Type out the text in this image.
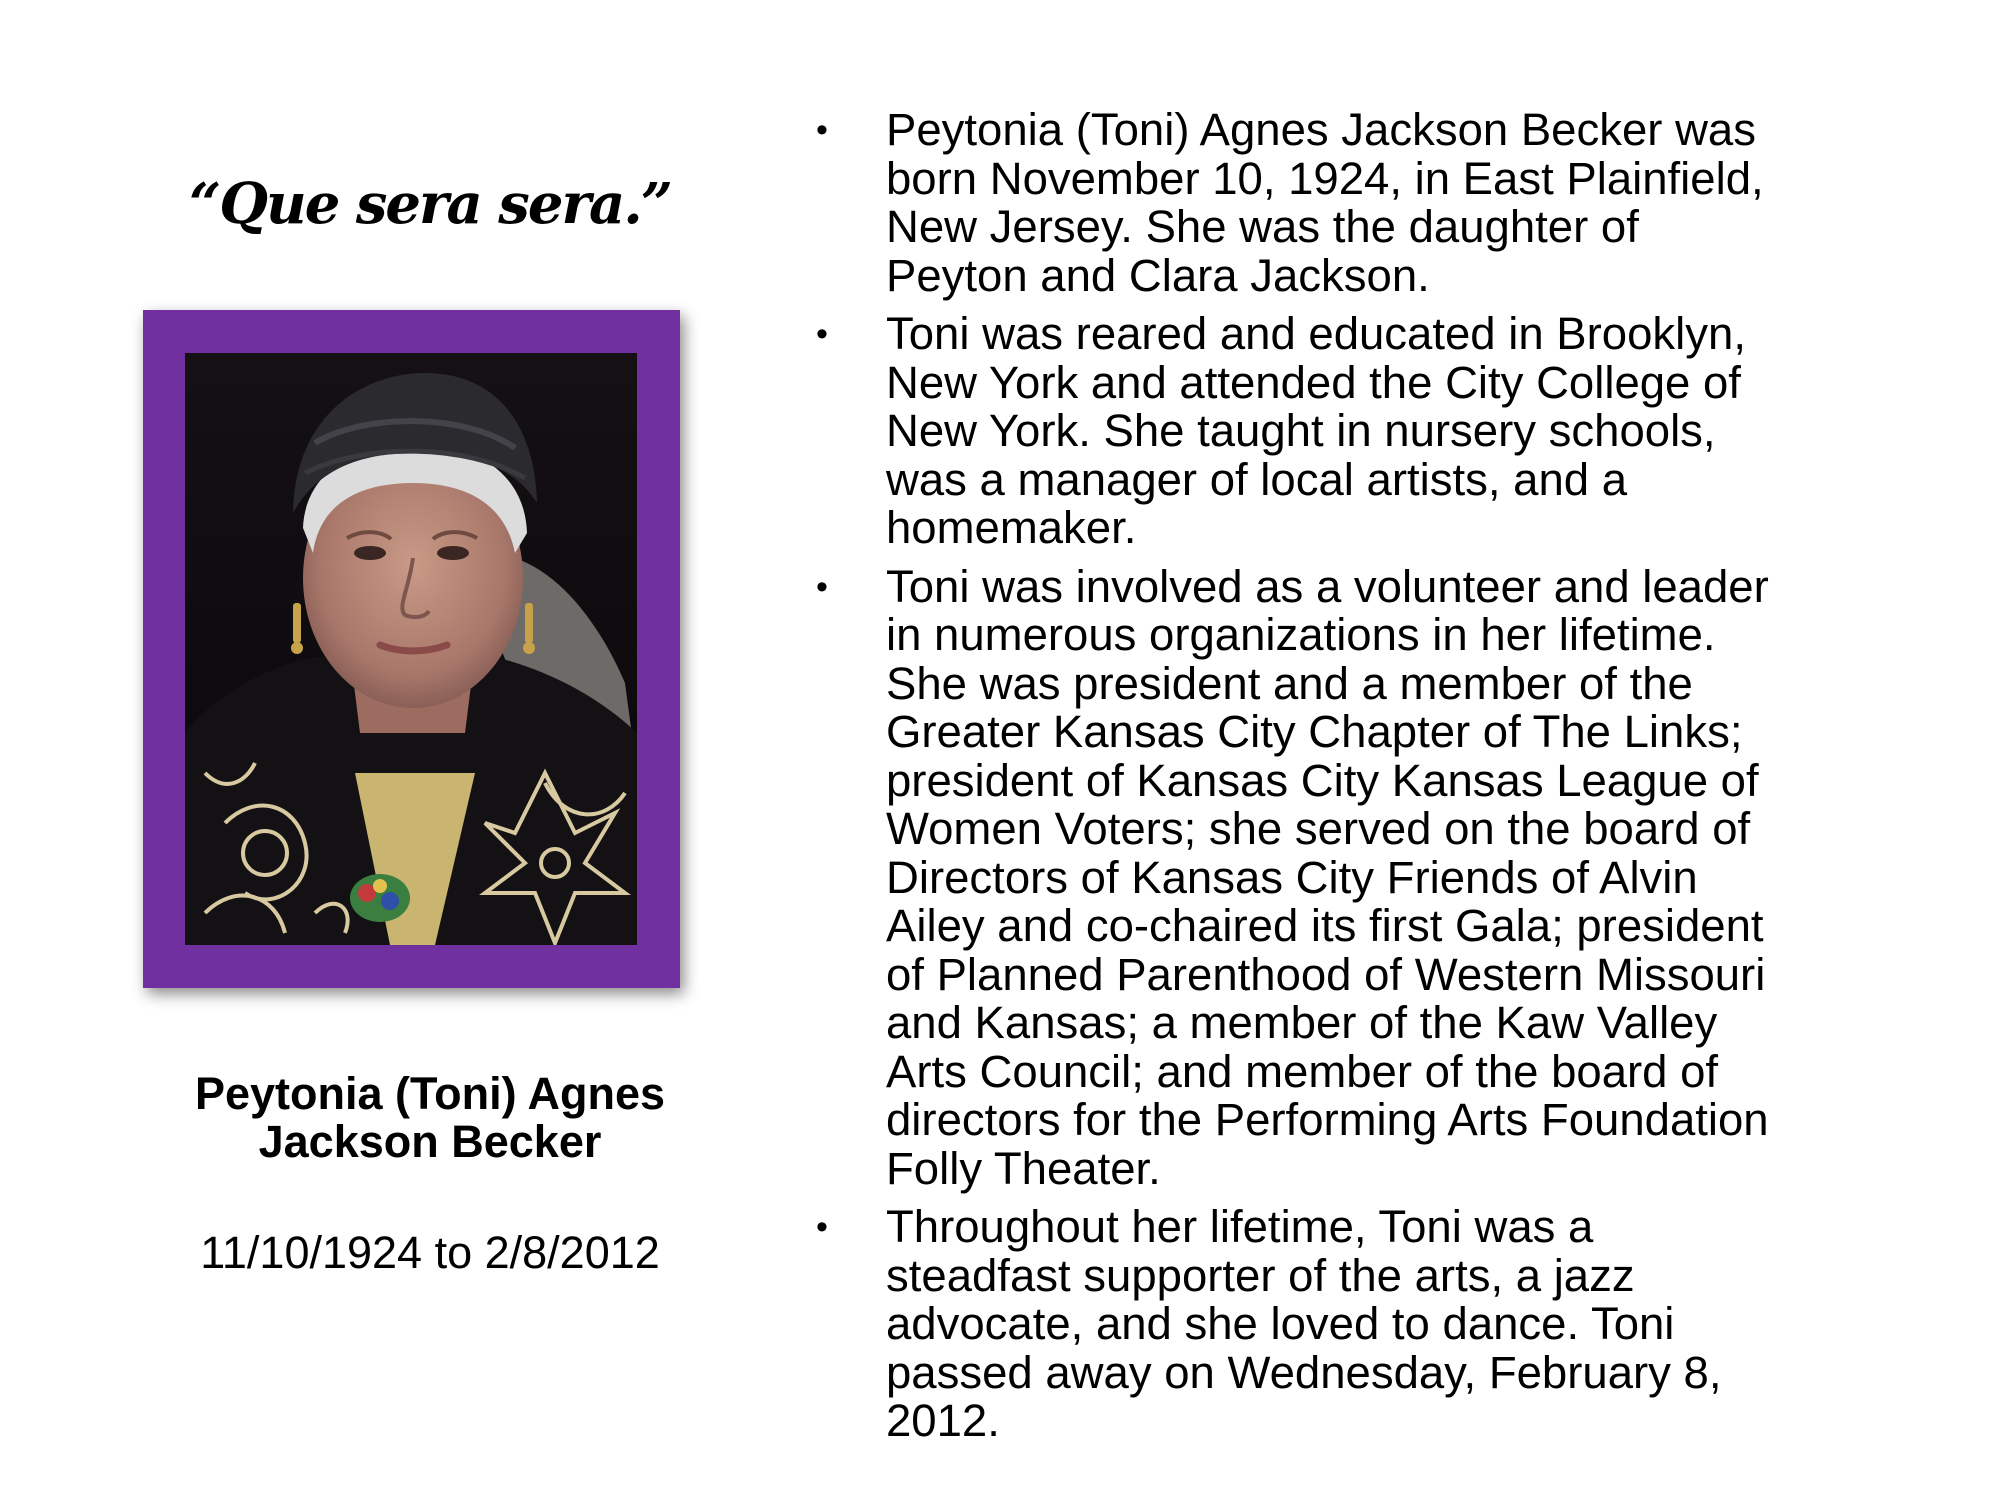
“Que sera sera.”
Peytonia (Toni) Agnes
Jackson Becker
11/10/1924 to 2/8/2012
• Peytonia (Toni) Agnes Jackson Becker was
born November 10, 1924, in East Plainfield,
New Jersey. She was the daughter of
Peyton and Clara Jackson.
• Toni was reared and educated in Brooklyn,
New York and attended the City College of
New York. She taught in nursery schools,
was a manager of local artists, and a
homemaker.
• Toni was involved as a volunteer and leader
in numerous organizations in her lifetime.
She was president and a member of the
Greater Kansas City Chapter of The Links;
president of Kansas City Kansas League of
Women Voters; she served on the board of
Directors of Kansas City Friends of Alvin
Ailey and co-chaired its first Gala; president
of Planned Parenthood of Western Missouri
and Kansas; a member of the Kaw Valley
Arts Council; and member of the board of
directors for the Performing Arts Foundation
Folly Theater.
• Throughout her lifetime, Toni was a
steadfast supporter of the arts, a jazz
advocate, and she loved to dance. Toni
passed away on Wednesday, February 8,
2012.
